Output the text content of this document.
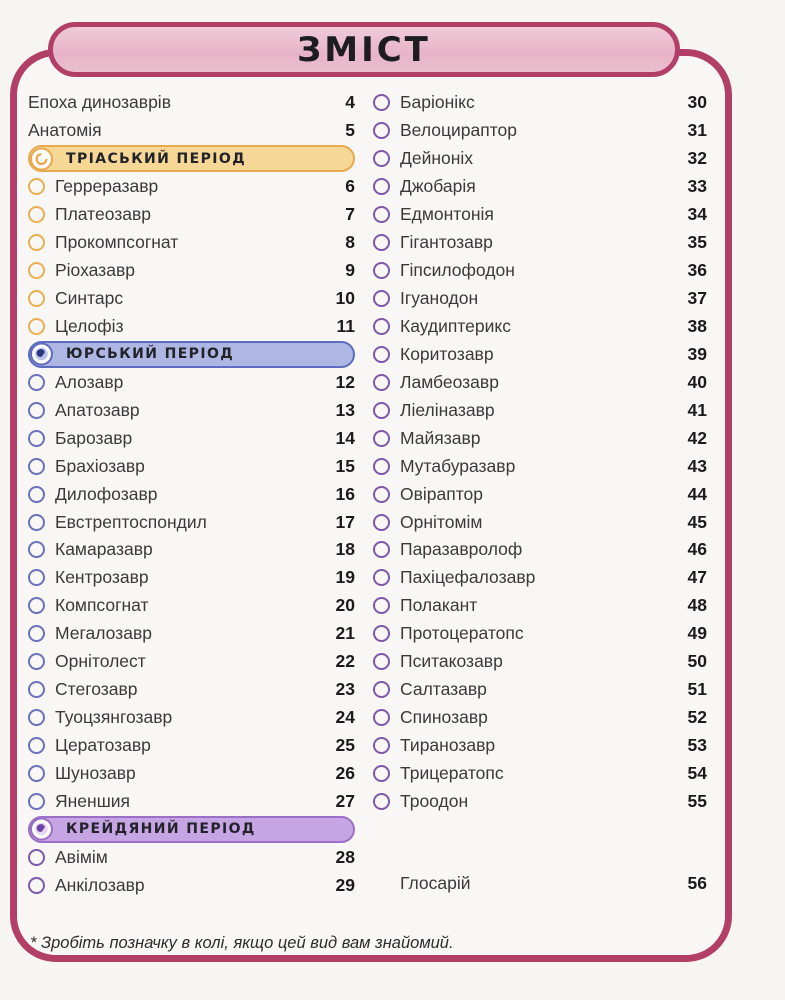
ЗМІСТ
Епоха динозаврів	4
Анатомія	5
ТРІАСЬКИЙ ПЕРІОД
Герреразавр	6
Платеозавр	7
Прокомпсогнат	8
Ріохазавр	9
Синтарс	10
Целофіз	11
ЮРСЬКИЙ ПЕРІОД
Алозавр	12
Апатозавр	13
Барозавр	14
Брахіозавр	15
Дилофозавр	16
Евстрептоспондил	17
Камаразавр	18
Кентрозавр	19
Компсогнат	20
Мегалозавр	21
Орнітолест	22
Стегозавр	23
Туоцзянгозавр	24
Цератозавр	25
Шунозавр	26
Яненшия	27
КРЕЙДЯНИЙ ПЕРІОД
Авімім	28
Анкілозавр	29
Баріонікс	30
Велоцираптор	31
Дейноніх	32
Джобарія	33
Едмонтонія	34
Гігантозавр	35
Гіпсилофодон	36
Ігуанодон	37
Каудиптерикс	38
Коритозавр	39
Ламбеозавр	40
Ліеліназавр	41
Майязавр	42
Мутабуразавр	43
Овіраптор	44
Орнітомім	45
Паразавролоф	46
Пахіцефалозавр	47
Полакант	48
Протоцератопс	49
Пситакозавр	50
Салтазавр	51
Спинозавр	52
Тиранозавр	53
Трицератопс	54
Троодон	55
Глосарій	56
* Зробіть позначку в колі, якщо цей вид вам знайомий.
